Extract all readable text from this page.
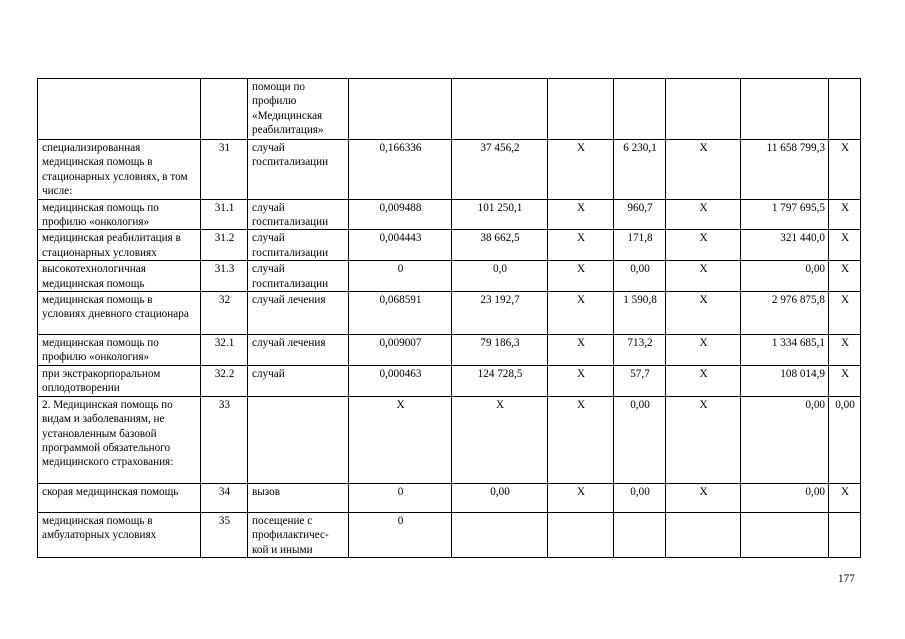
		помощи по профилю «Медицинская реабилитация»							
специализированная медицинская помощь в стационарных условиях, в том числе:	31	случай госпитализации	0,166336	37 456,2	Х	6 230,1	Х	11 658 799,3	Х
медицинская помощь по профилю «онкология»	31.1	случай госпитализации	0,009488	101 250,1	Х	960,7	Х	1 797 695,5	Х
медицинская реабилитация в стационарных условиях	31.2	случай госпитализации	0,004443	38 662,5	Х	171,8	Х	321 440,0	Х
высокотехнологичная медицинская помощь	31.3	случай госпитализации	0	0,0	Х	0,00	Х	0,00	Х
медицинская помощь в условиях дневного стационара	32	случай лечения	0,068591	23 192,7	Х	1 590,8	Х	2 976 875,8	Х
медицинская помощь по профилю «онкология»	32.1	случай лечения	0,009007	79 186,3	Х	713,2	Х	1 334 685,1	Х
при экстракорпоральном оплодотворении	32.2	случай	0,000463	124 728,5	Х	57,7	Х	108 014,9	Х
2. Медицинская помощь по видам и заболеваниям, не установленным базовой программой обязательного медицинского страхования:	33		Х	Х	Х	0,00	Х	0,00	0,00
скорая медицинская помощь	34	вызов	0	0,00	Х	0,00	Х	0,00	Х
медицинская помощь в амбулаторных условиях	35	посещение с профилактичес-кой и иными	0						
177
